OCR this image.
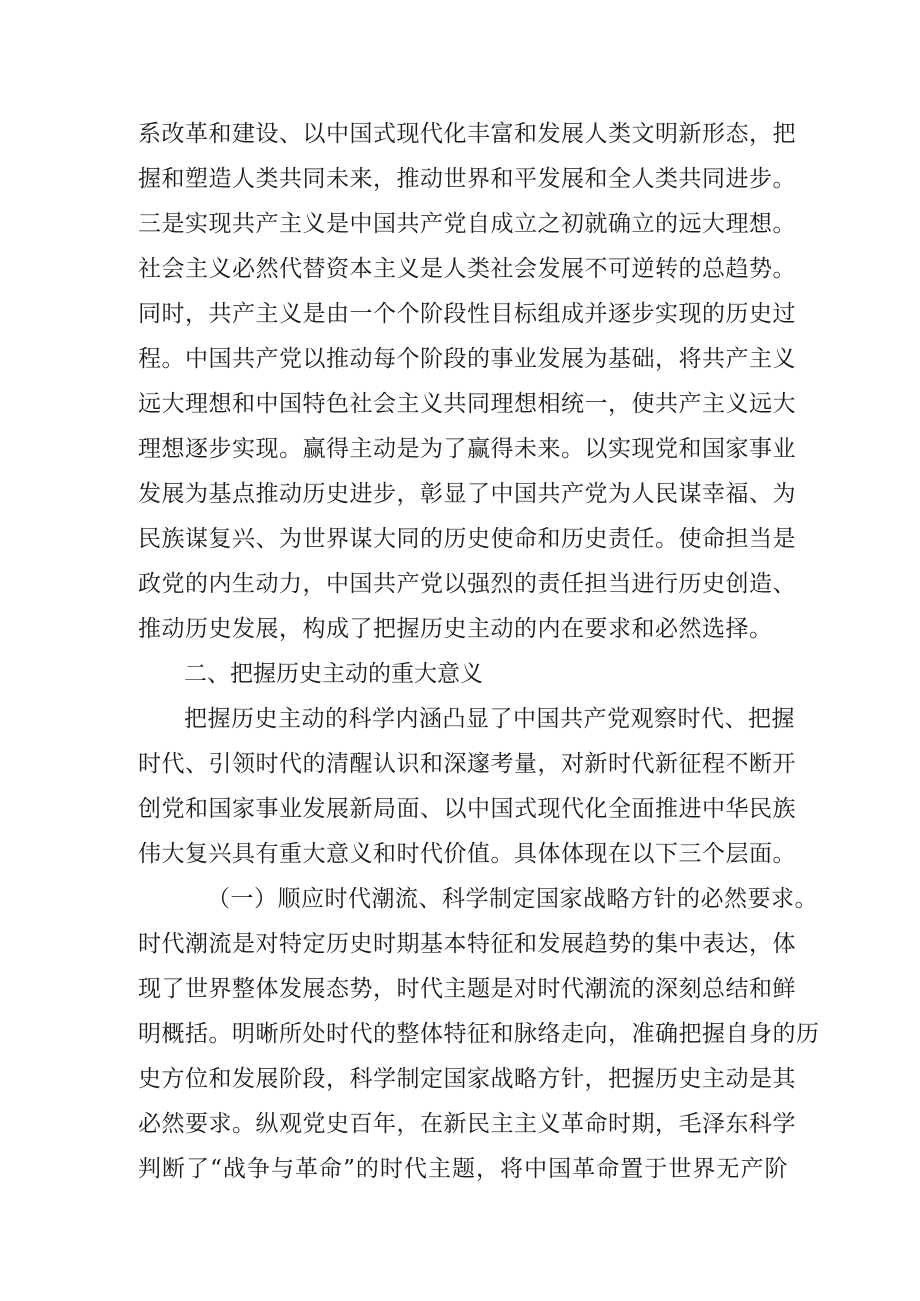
系改革和建设、以中国式现代化丰富和发展人类文明新形态，把
握和塑造人类共同未来，推动世界和平发展和全人类共同进步。
三是实现共产主义是中国共产党自成立之初就确立的远大理想。
社会主义必然代替资本主义是人类社会发展不可逆转的总趋势。
同时，共产主义是由一个个阶段性目标组成并逐步实现的历史过
程。中国共产党以推动每个阶段的事业发展为基础，将共产主义
远大理想和中国特色社会主义共同理想相统一，使共产主义远大
理想逐步实现。赢得主动是为了赢得未来。以实现党和国家事业
发展为基点推动历史进步，彰显了中国共产党为人民谋幸福、为
民族谋复兴、为世界谋大同的历史使命和历史责任。使命担当是
政党的内生动力，中国共产党以强烈的责任担当进行历史创造、
推动历史发展，构成了把握历史主动的内在要求和必然选择。
二、把握历史主动的重大意义
把握历史主动的科学内涵凸显了中国共产党观察时代、把握
时代、引领时代的清醒认识和深邃考量，对新时代新征程不断开
创党和国家事业发展新局面、以中国式现代化全面推进中华民族
伟大复兴具有重大意义和时代价值。具体体现在以下三个层面。
（一）顺应时代潮流、科学制定国家战略方针的必然要求。
时代潮流是对特定历史时期基本特征和发展趋势的集中表达，体
现了世界整体发展态势，时代主题是对时代潮流的深刻总结和鲜
明概括。明晰所处时代的整体特征和脉络走向，准确把握自身的历
史方位和发展阶段，科学制定国家战略方针，把握历史主动是其
必然要求。纵观党史百年，在新民主主义革命时期，毛泽东科学
判断了“战争与革命”的时代主题，将中国革命置于世界无产阶
